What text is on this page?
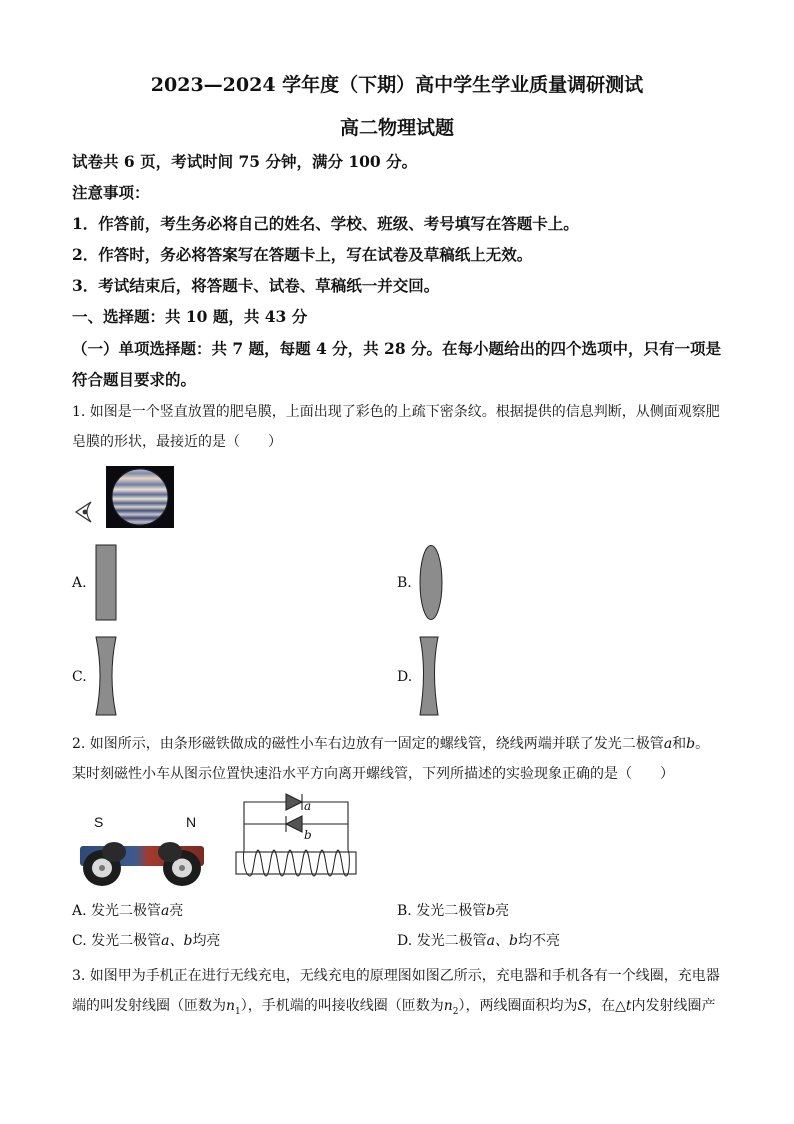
2023—2024 学年度（下期）高中学生学业质量调研测试
高二物理试题
试卷共 6 页，考试时间 75 分钟，满分 100 分。
注意事项：
1．作答前，考生务必将自己的姓名、学校、班级、考号填写在答题卡上。
2．作答时，务必将答案写在答题卡上，写在试卷及草稿纸上无效。
3．考试结束后，将答题卡、试卷、草稿纸一并交回。
一、选择题：共 10 题，共 43 分
（一）单项选择题：共 7 题，每题 4 分，共 28 分。在每小题给出的四个选项中，只有一项是
符合题目要求的。
1. 如图是一个竖直放置的肥皂膜，上面出现了彩色的上疏下密条纹。根据提供的信息判断，从侧面观察肥
皂膜的形状，最接近的是（　　）
A.	B.
C.	D.
2. 如图所示，由条形磁铁做成的磁性小车右边放有一固定的螺线管，绕线两端并联了发光二极管a和b。
某时刻磁性小车从图示位置快速沿水平方向离开螺线管，下列所描述的实验现象正确的是（　　）
S	N
a
b
A. 发光二极管a亮	B. 发光二极管b亮
C. 发光二极管a、b均亮	D. 发光二极管a、b均不亮
3. 如图甲为手机正在进行无线充电，无线充电的原理图如图乙所示，充电器和手机各有一个线圈，充电器
端的叫发射线圈（匝数为$n_1$），手机端的叫接收线圈（匝数为$n_2$），两线圈面积均为S，在△t内发射线圈产
